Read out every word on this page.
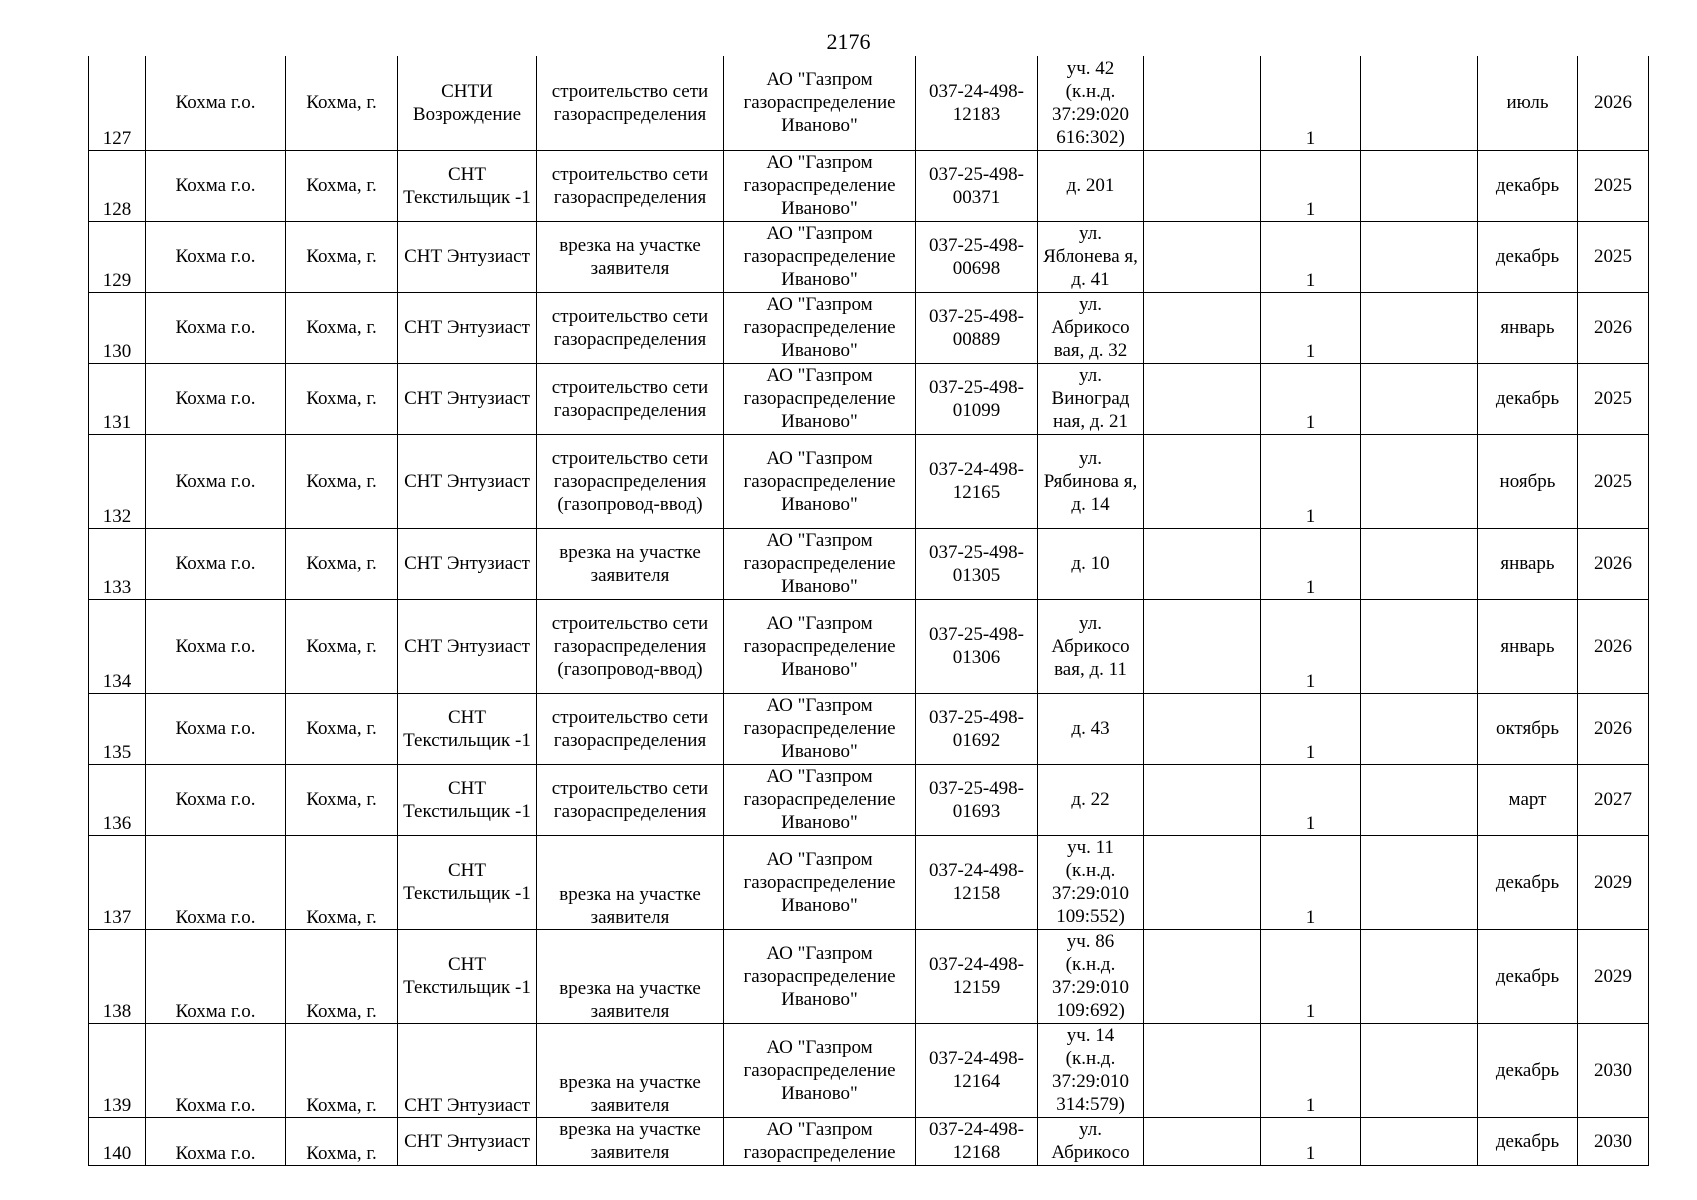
2176
127	Кохма г.о.	Кохма, г.	СНТИ Возрождение	строительство сети газораспределения	АО "Газпром газораспределение Иваново"	037-24-498-12183	уч. 42 (к.н.д. 37:29:020 616:302)		1		июль	2026
128	Кохма г.о.	Кохма, г.	СНТ Текстильщик -1	строительство сети газораспределения	АО "Газпром газораспределение Иваново"	037-25-498-00371	д. 201		1		декабрь	2025
129	Кохма г.о.	Кохма, г.	СНТ Энтузиаст	врезка на участке заявителя	АО "Газпром газораспределение Иваново"	037-25-498-00698	ул. Яблонева я, д. 41		1		декабрь	2025
130	Кохма г.о.	Кохма, г.	СНТ Энтузиаст	строительство сети газораспределения	АО "Газпром газораспределение Иваново"	037-25-498-00889	ул. Абрикосо вая, д. 32		1		январь	2026
131	Кохма г.о.	Кохма, г.	СНТ Энтузиаст	строительство сети газораспределения	АО "Газпром газораспределение Иваново"	037-25-498-01099	ул. Виноград ная, д. 21		1		декабрь	2025
132	Кохма г.о.	Кохма, г.	СНТ Энтузиаст	строительство сети газораспределения (газопровод-ввод)	АО "Газпром газораспределение Иваново"	037-24-498-12165	ул. Рябинова я, д. 14		1		ноябрь	2025
133	Кохма г.о.	Кохма, г.	СНТ Энтузиаст	врезка на участке заявителя	АО "Газпром газораспределение Иваново"	037-25-498-01305	д. 10		1		январь	2026
134	Кохма г.о.	Кохма, г.	СНТ Энтузиаст	строительство сети газораспределения (газопровод-ввод)	АО "Газпром газораспределение Иваново"	037-25-498-01306	ул. Абрикосо вая, д. 11		1		январь	2026
135	Кохма г.о.	Кохма, г.	СНТ Текстильщик -1	строительство сети газораспределения	АО "Газпром газораспределение Иваново"	037-25-498-01692	д. 43		1		октябрь	2026
136	Кохма г.о.	Кохма, г.	СНТ Текстильщик -1	строительство сети газораспределения	АО "Газпром газораспределение Иваново"	037-25-498-01693	д. 22		1		март	2027
137	Кохма г.о.	Кохма, г.	СНТ Текстильщик -1	врезка на участке заявителя	АО "Газпром газораспределение Иваново"	037-24-498-12158	уч. 11 (к.н.д. 37:29:010 109:552)		1		декабрь	2029
138	Кохма г.о.	Кохма, г.	СНТ Текстильщик -1	врезка на участке заявителя	АО "Газпром газораспределение Иваново"	037-24-498-12159	уч. 86 (к.н.д. 37:29:010 109:692)		1		декабрь	2029
139	Кохма г.о.	Кохма, г.	СНТ Энтузиаст	врезка на участке заявителя	АО "Газпром газораспределение Иваново"	037-24-498-12164	уч. 14 (к.н.д. 37:29:010 314:579)		1		декабрь	2030
140	Кохма г.о.	Кохма, г.	СНТ Энтузиаст	врезка на участке заявителя	АО "Газпром газораспределение	037-24-498-12168	ул. Абрикосо		1		декабрь	2030
